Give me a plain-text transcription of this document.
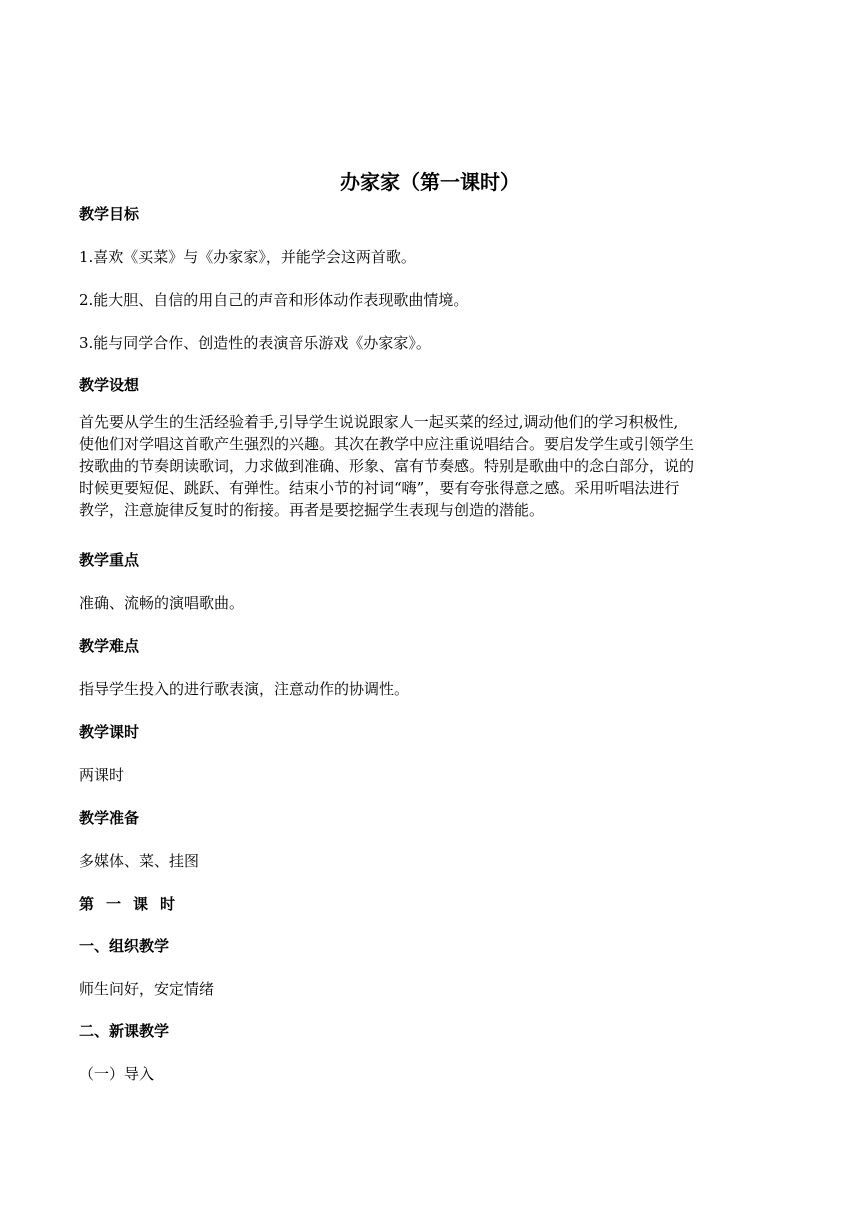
办家家（第一课时）

教学目标

1.喜欢《买菜》与《办家家》，并能学会这两首歌。

2.能大胆、自信的用自己的声音和形体动作表现歌曲情境。

3.能与同学合作、创造性的表演音乐游戏《办家家》。

教学设想

首先要从学生的生活经验着手,引导学生说说跟家人一起买菜的经过,调动他们的学习积极性,
使他们对学唱这首歌产生强烈的兴趣。其次在教学中应注重说唱结合。要启发学生或引领学生
按歌曲的节奏朗读歌词，力求做到准确、形象、富有节奏感。特别是歌曲中的念白部分，说的
时候更要短促、跳跃、有弹性。结束小节的衬词“嗨”，要有夸张得意之感。采用听唱法进行
教学，注意旋律反复时的衔接。再者是要挖掘学生表现与创造的潜能。

教学重点

准确、流畅的演唱歌曲。

教学难点

指导学生投入的进行歌表演，注意动作的协调性。

教学课时

两课时

教学准备

多媒体、菜、挂图

第一课时

一、组织教学

师生问好，安定情绪

二、新课教学

（一）导入
